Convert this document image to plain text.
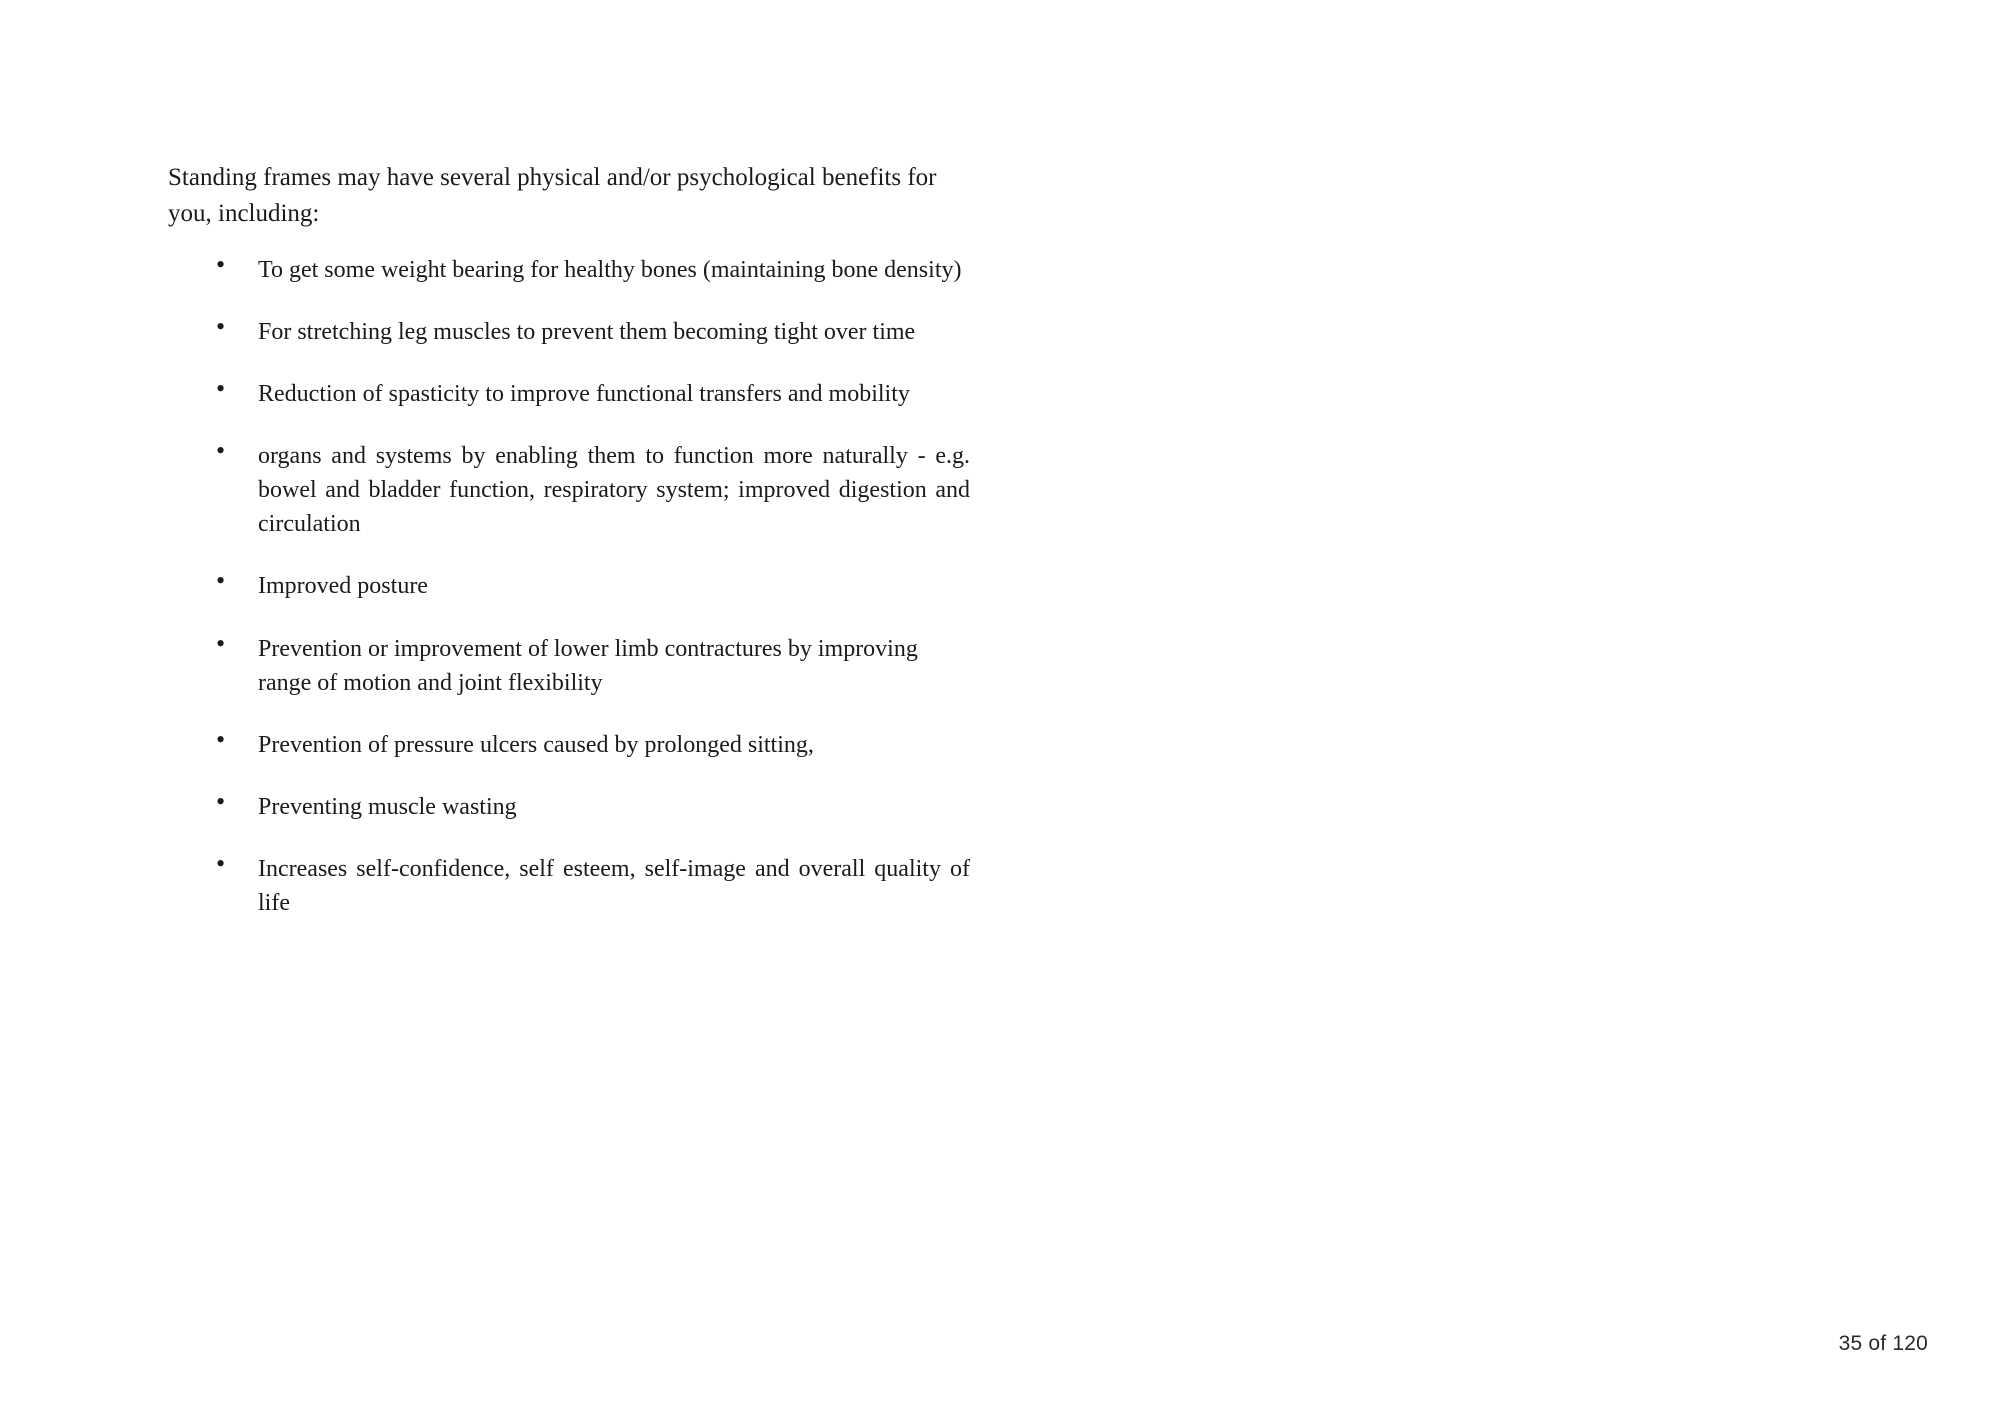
Standing frames may have several physical and/or psychological benefits for you, including:

• To get some weight bearing for healthy bones (maintaining bone density)
• For stretching leg muscles to prevent them becoming tight over time
• Reduction of spasticity to improve functional transfers and mobility
• organs and systems by enabling them to function more naturally - e.g. bowel and bladder function, respiratory system; improved digestion and circulation
• Improved posture
• Prevention or improvement of lower limb contractures by improving range of motion and joint flexibility
• Prevention of pressure ulcers caused by prolonged sitting,
• Preventing muscle wasting
• Increases self-confidence, self esteem, self-image and overall quality of life
35 of 120
